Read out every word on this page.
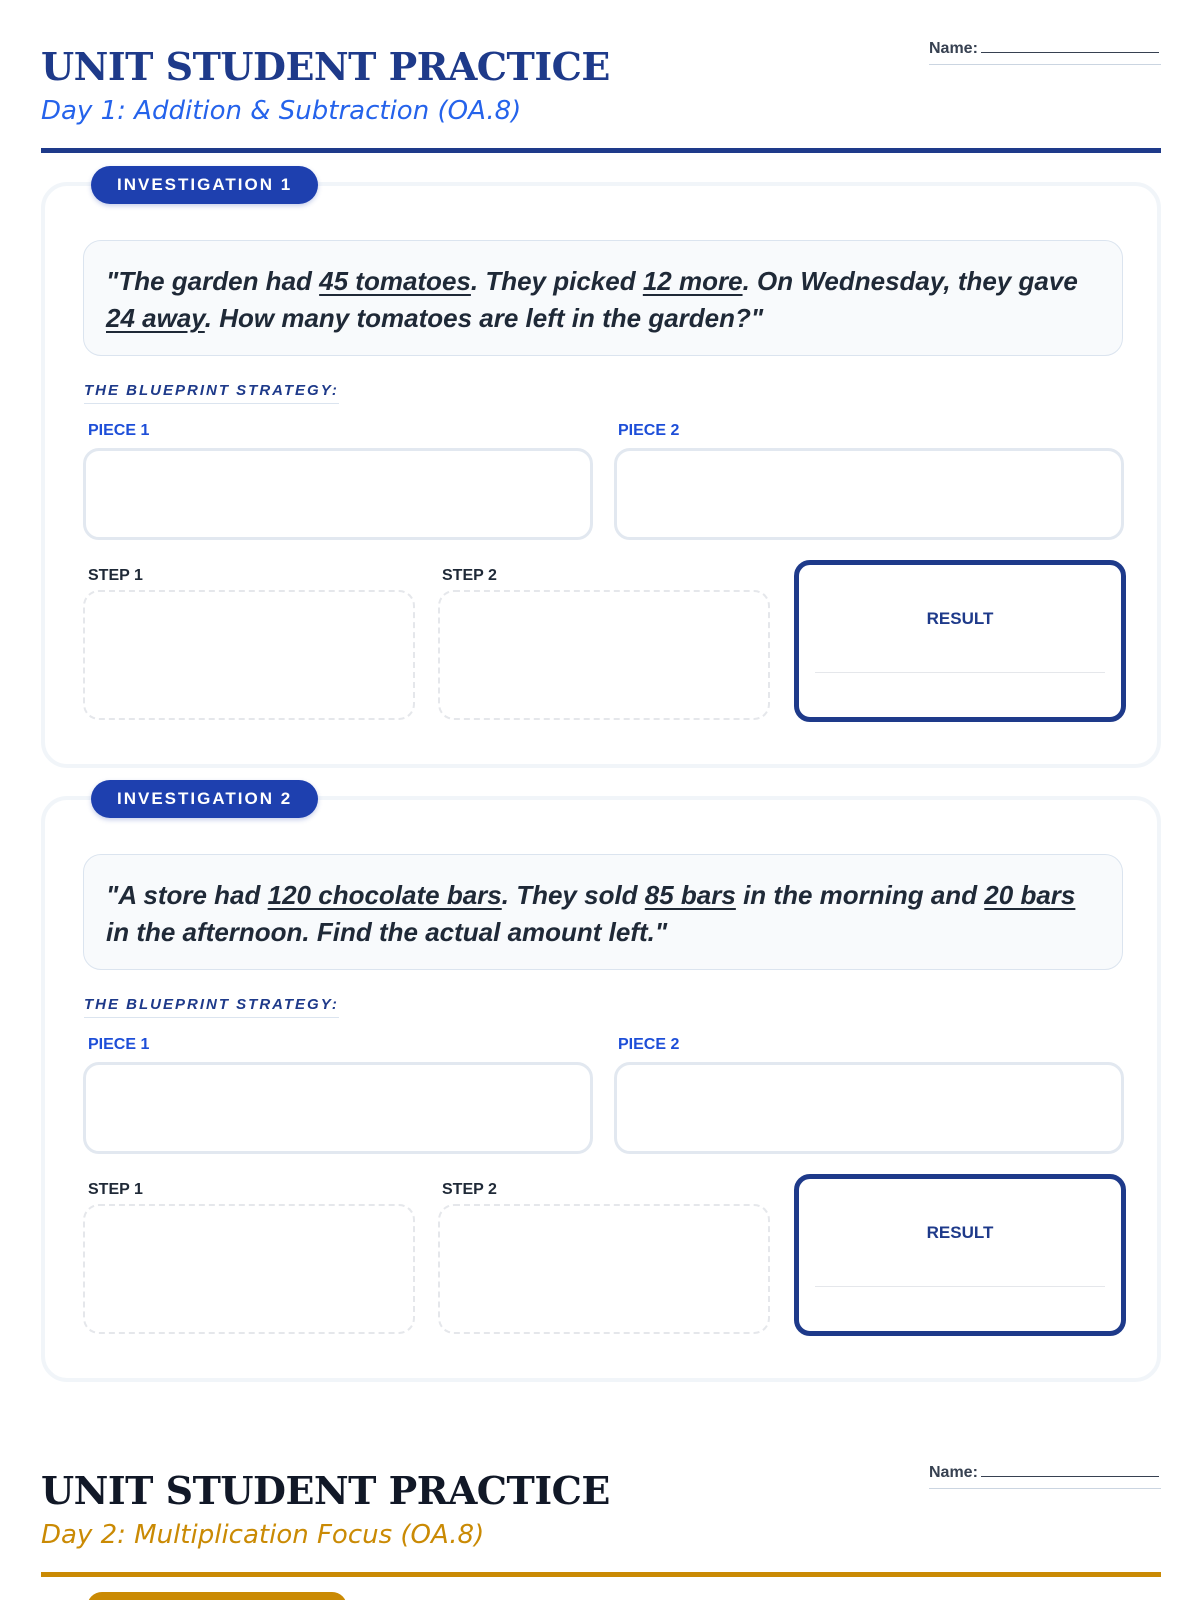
UNIT STUDENT PRACTICE
Day 1: Addition & Subtraction (OA.8)
Name:
INVESTIGATION 1
"The garden had 45 tomatoes. They picked 12 more. On Wednesday, they gave 24 away. How many tomatoes are left in the garden?"
THE BLUEPRINT STRATEGY:
PIECE 1	PIECE 2
STEP 1	STEP 2
RESULT
INVESTIGATION 2
"A store had 120 chocolate bars. They sold 85 bars in the morning and 20 bars in the afternoon. Find the actual amount left."
THE BLUEPRINT STRATEGY:
PIECE 1	PIECE 2
STEP 1	STEP 2
RESULT
UNIT STUDENT PRACTICE
Day 2: Multiplication Focus (OA.8)
Name:
